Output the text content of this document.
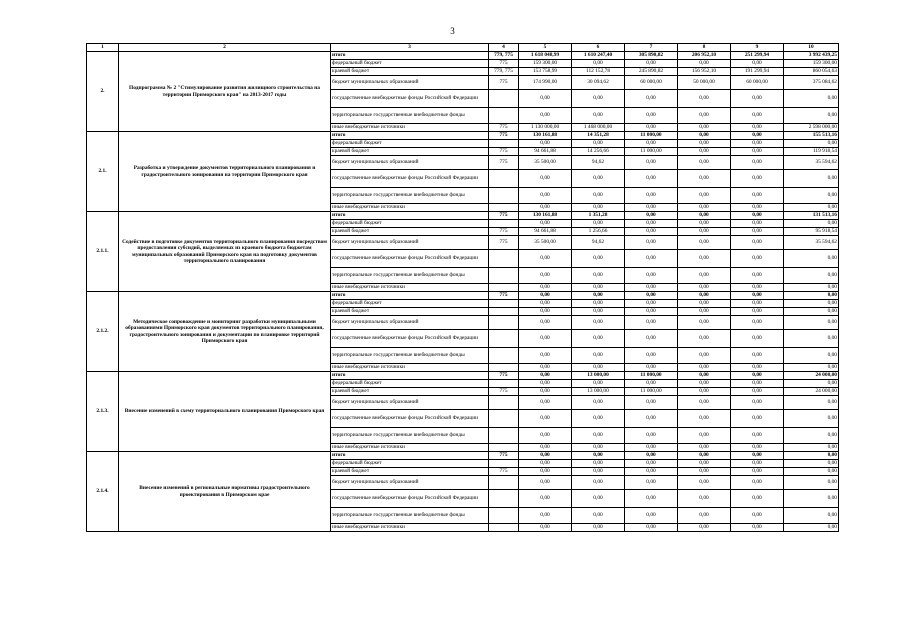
3
1	2	3	4	5	6	7	8	9	10
2.	Подпрограмма № 2 "Стимулирование развития жилищного строительства на территории Приморского края" на 2013-2017 годы	итого	779, 775	1 618 048,99	1 610 247,40	305 890,82	206 952,10	251 299,94	3 992 439,25
		федеральный бюджет	775	159 300,00	0,00	0,00	0,00	0,00	159 300,00
		краевой бюджет	779, 775	153 758,99	112 152,78	245 890,82	156 952,10	191 299,94	860 054,63
		бюджет муниципальных образований	775	174 990,00	30 094,62	60 000,00	50 000,00	60 000,00	375 084,62
		государственные внебюджетные фонды Российской Федерации		0,00	0,00	0,00	0,00	0,00	0,00
		территориальные государственные внебюджетные фонды		0,00	0,00	0,00	0,00	0,00	0,00
		иные внебюджетные источники	775	1 130 000,00	1 468 000,00	0,00	0,00	0,00	2 598 000,00
2.1.	Разработка и утверждение документов территориального планирования и градостроительного зонирования на территории Приморского края	итого	775	130 161,88	14 351,28	11 000,00	0,00	0,00	155 513,16
		федеральный бюджет		0,00	0,00	0,00	0,00	0,00	0,00
		краевой бюджет	775	94 661,88	14 256,66	11 000,00	0,00	0,00	119 918,54
		бюджет муниципальных образований	775	35 500,00	94,62	0,00	0,00	0,00	35 594,62
		государственные внебюджетные фонды Российской Федерации		0,00	0,00	0,00	0,00	0,00	0,00
		территориальные государственные внебюджетные фонды		0,00	0,00	0,00	0,00	0,00	0,00
		иные внебюджетные источники		0,00	0,00	0,00	0,00	0,00	0,00
2.1.1.	Содействие в подготовке документов территориального планирования посредством предоставления субсидий, выделяемых из краевого бюджета бюджетам муниципальных образований Приморского края на подготовку документов территориального планирования	итого	775	130 161,88	1 351,28	0,00	0,00	0,00	131 513,16
		федеральный бюджет		0,00	0,00	0,00	0,00	0,00	0,00
		краевой бюджет	775	94 661,88	1 256,66	0,00	0,00	0,00	95 918,54
		бюджет муниципальных образований	775	35 500,00	94,62	0,00	0,00	0,00	35 594,62
		государственные внебюджетные фонды Российской Федерации		0,00	0,00	0,00	0,00	0,00	0,00
		территориальные государственные внебюджетные фонды		0,00	0,00	0,00	0,00	0,00	0,00
		иные внебюджетные источники		0,00	0,00	0,00	0,00	0,00	0,00
2.1.2.	Методическое сопровождение и мониторинг разработки муниципальными образованиями Приморского края документов территориального планирования, градостроительного зонирования и документации по планировке территорий Приморского края	итого	775	0,00	0,00	0,00	0,00	0,00	0,00
		федеральный бюджет		0,00	0,00	0,00	0,00	0,00	0,00
		краевой бюджет		0,00	0,00	0,00	0,00	0,00	0,00
		бюджет муниципальных образований		0,00	0,00	0,00	0,00	0,00	0,00
		государственные внебюджетные фонды Российской Федерации		0,00	0,00	0,00	0,00	0,00	0,00
		территориальные государственные внебюджетные фонды		0,00	0,00	0,00	0,00	0,00	0,00
		иные внебюджетные источники		0,00	0,00	0,00	0,00	0,00	0,00
2.1.3.	Внесение изменений в схему территориального планирования Приморского края	итого	775	0,00	13 000,00	11 000,00	0,00	0,00	24 000,00
		федеральный бюджет		0,00	0,00	0,00	0,00	0,00	0,00
		краевой бюджет	775	0,00	13 000,00	11 000,00	0,00	0,00	24 000,00
		бюджет муниципальных образований		0,00	0,00	0,00	0,00	0,00	0,00
		государственные внебюджетные фонды Российской Федерации		0,00	0,00	0,00	0,00	0,00	0,00
		территориальные государственные внебюджетные фонды		0,00	0,00	0,00	0,00	0,00	0,00
		иные внебюджетные источники		0,00	0,00	0,00	0,00	0,00	0,00
2.1.4.	Внесение изменений в региональные нормативы градостроительного проектирования в Приморском крае	итого	775	0,00	0,00	0,00	0,00	0,00	0,00
		федеральный бюджет		0,00	0,00	0,00	0,00	0,00	0,00
		краевой бюджет	775	0,00	0,00	0,00	0,00	0,00	0,00
		бюджет муниципальных образований		0,00	0,00	0,00	0,00	0,00	0,00
		государственные внебюджетные фонды Российской Федерации		0,00	0,00	0,00	0,00	0,00	0,00
		территориальные государственные внебюджетные фонды		0,00	0,00	0,00	0,00	0,00	0,00
		иные внебюджетные источники		0,00	0,00	0,00	0,00	0,00	0,00
